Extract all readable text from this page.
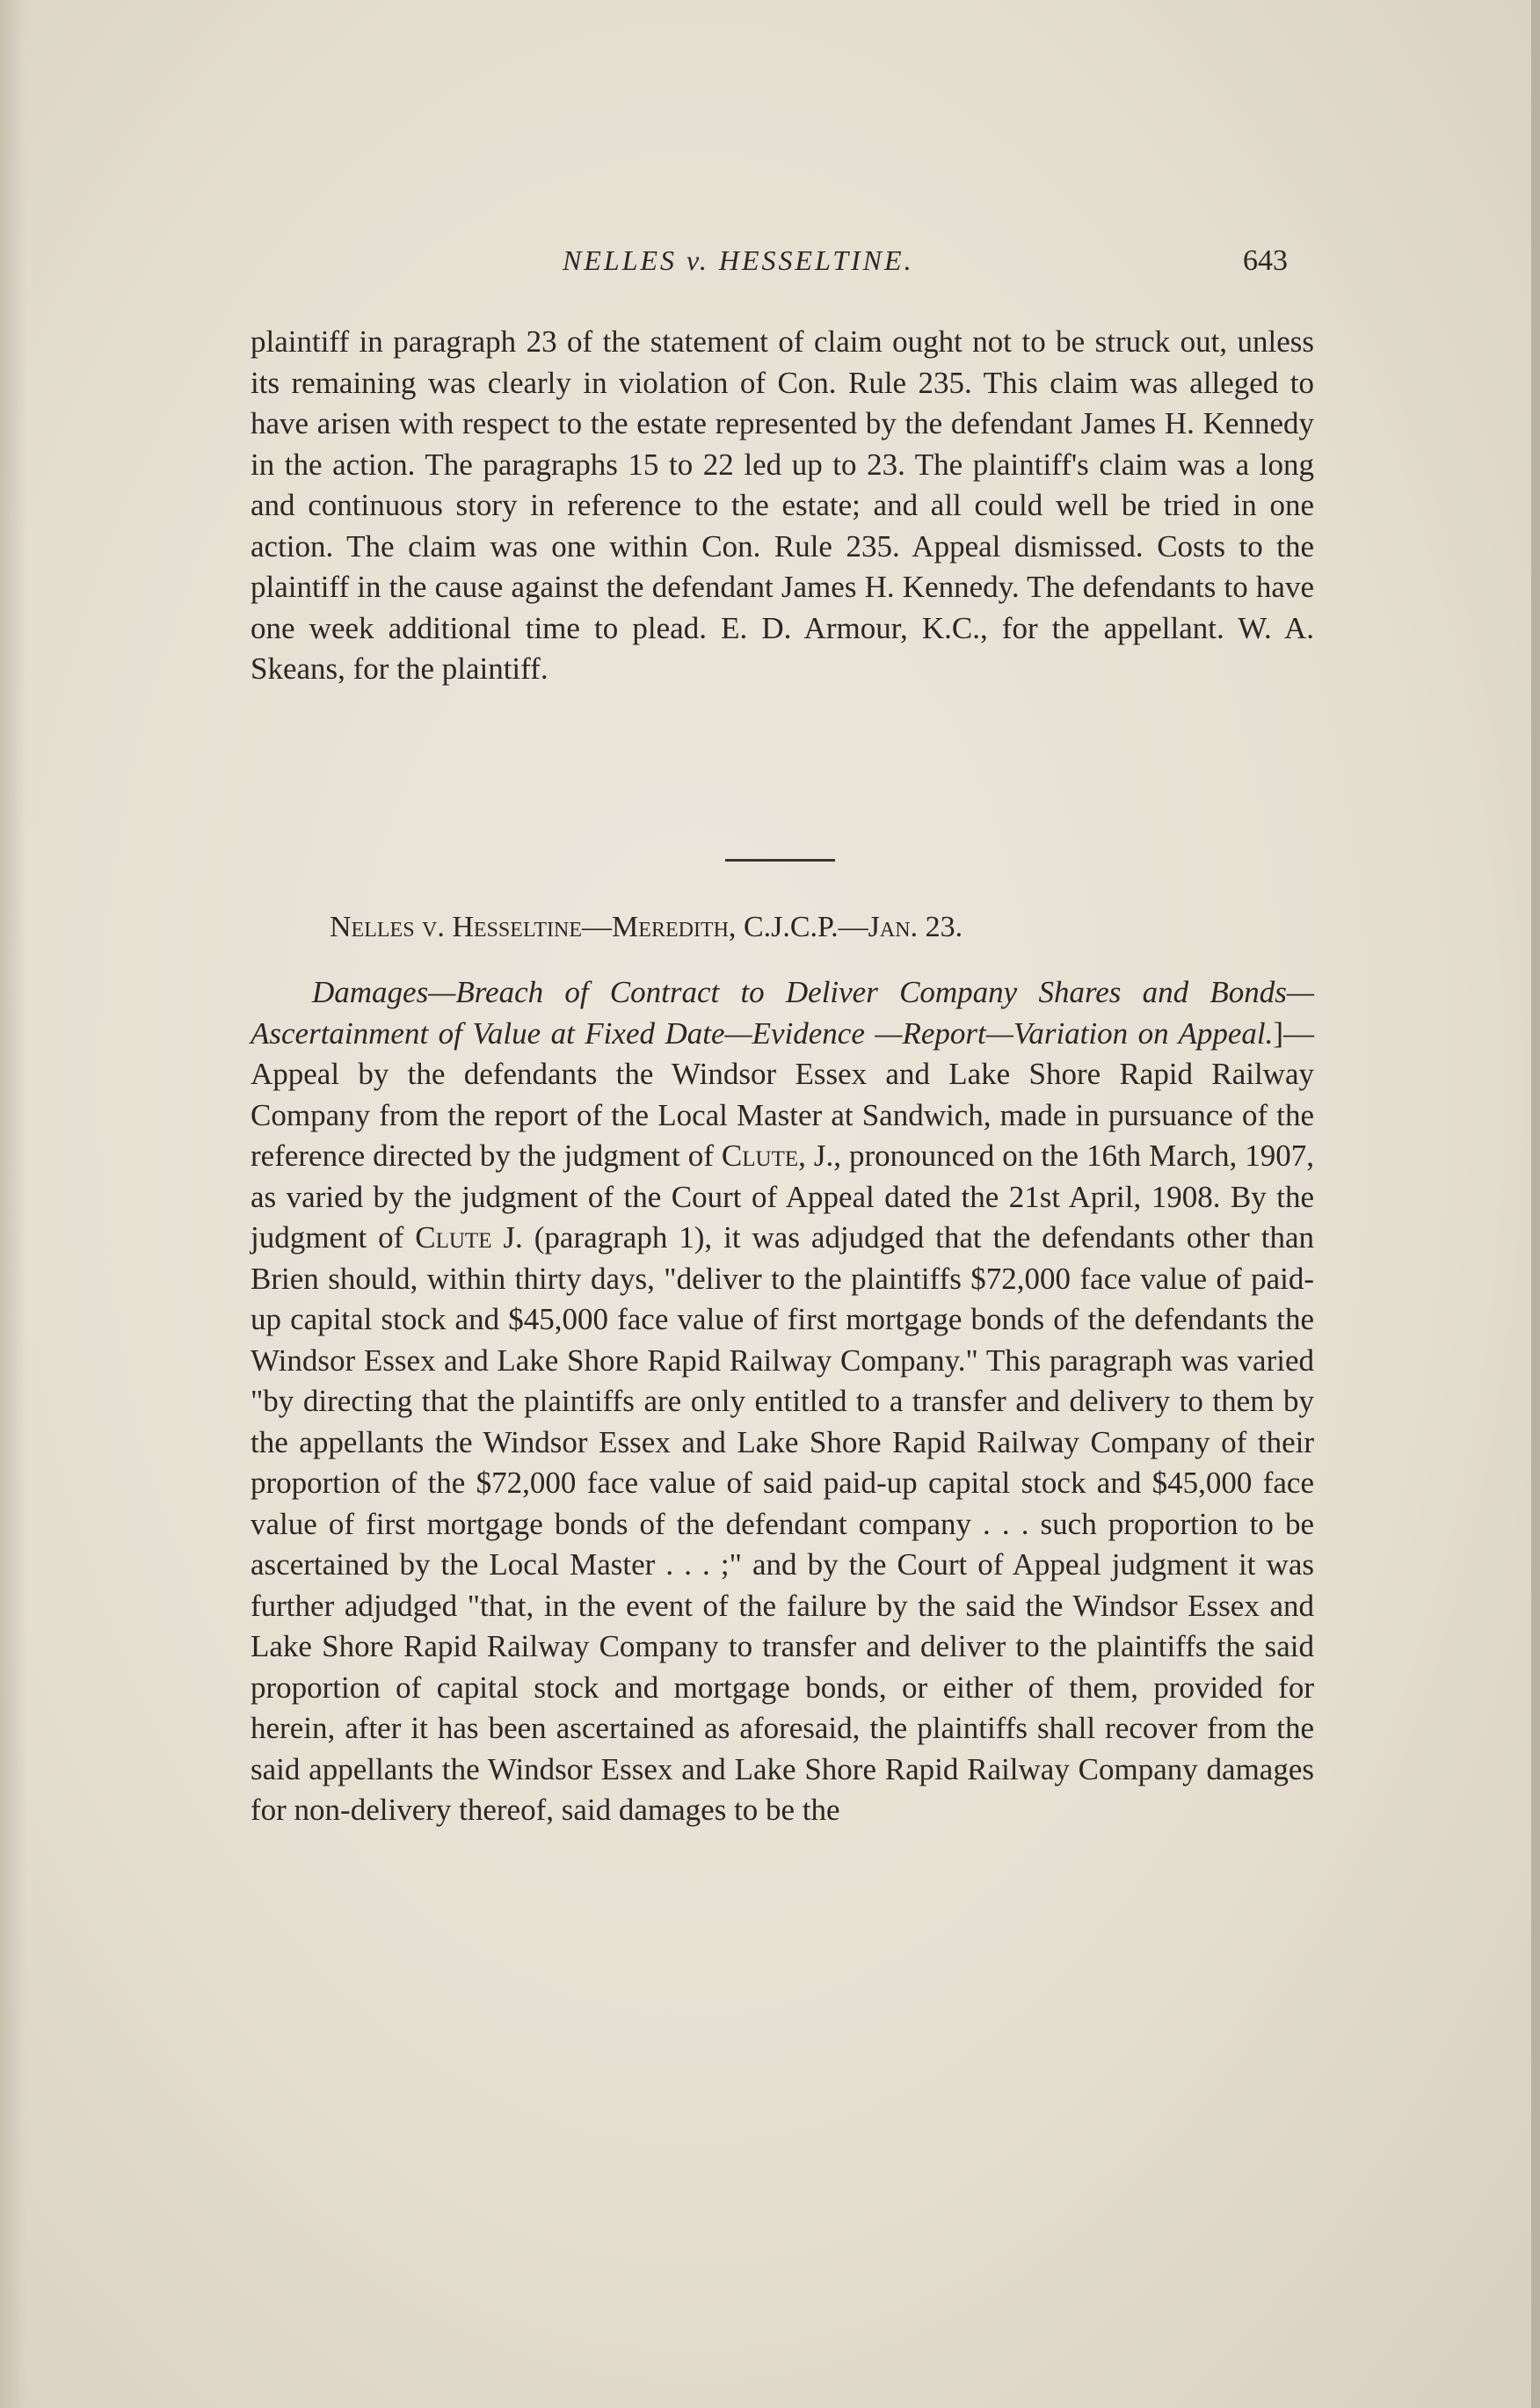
NELLES v. HESSELTINE.	643
plaintiff in paragraph 23 of the statement of claim ought not to be struck out, unless its remaining was clearly in violation of Con. Rule 235. This claim was alleged to have arisen with respect to the estate represented by the defendant James H. Kennedy in the action. The paragraphs 15 to 22 led up to 23. The plaintiff's claim was a long and continuous story in reference to the estate; and all could well be tried in one action. The claim was one within Con. Rule 235. Appeal dismissed. Costs to the plaintiff in the cause against the defendant James H. Kennedy. The defendants to have one week additional time to plead. E. D. Armour, K.C., for the appellant. W. A. Skeans, for the plaintiff.
Nelles v. Hesseltine—Meredith, C.J.C.P.—Jan. 23.
Damages—Breach of Contract to Deliver Company Shares and Bonds—Ascertainment of Value at Fixed Date—Evidence —Report—Variation on Appeal.]—Appeal by the defendants the Windsor Essex and Lake Shore Rapid Railway Company from the report of the Local Master at Sandwich, made in pursuance of the reference directed by the judgment of Clute, J., pronounced on the 16th March, 1907, as varied by the judgment of the Court of Appeal dated the 21st April, 1908. By the judgment of Clute J. (paragraph 1), it was adjudged that the defendants other than Brien should, within thirty days, "deliver to the plaintiffs $72,000 face value of paid-up capital stock and $45,000 face value of first mortgage bonds of the defendants the Windsor Essex and Lake Shore Rapid Railway Company." This paragraph was varied "by directing that the plaintiffs are only entitled to a transfer and delivery to them by the appellants the Windsor Essex and Lake Shore Rapid Railway Company of their proportion of the $72,000 face value of said paid-up capital stock and $45,000 face value of first mortgage bonds of the defendant company . . . such proportion to be ascertained by the Local Master . . . ;" and by the Court of Appeal judgment it was further adjudged "that, in the event of the failure by the said the Windsor Essex and Lake Shore Rapid Railway Company to transfer and deliver to the plaintiffs the said proportion of capital stock and mortgage bonds, or either of them, provided for herein, after it has been ascertained as aforesaid, the plaintiffs shall recover from the said appellants the Windsor Essex and Lake Shore Rapid Railway Company damages for non-delivery thereof, said damages to be the
